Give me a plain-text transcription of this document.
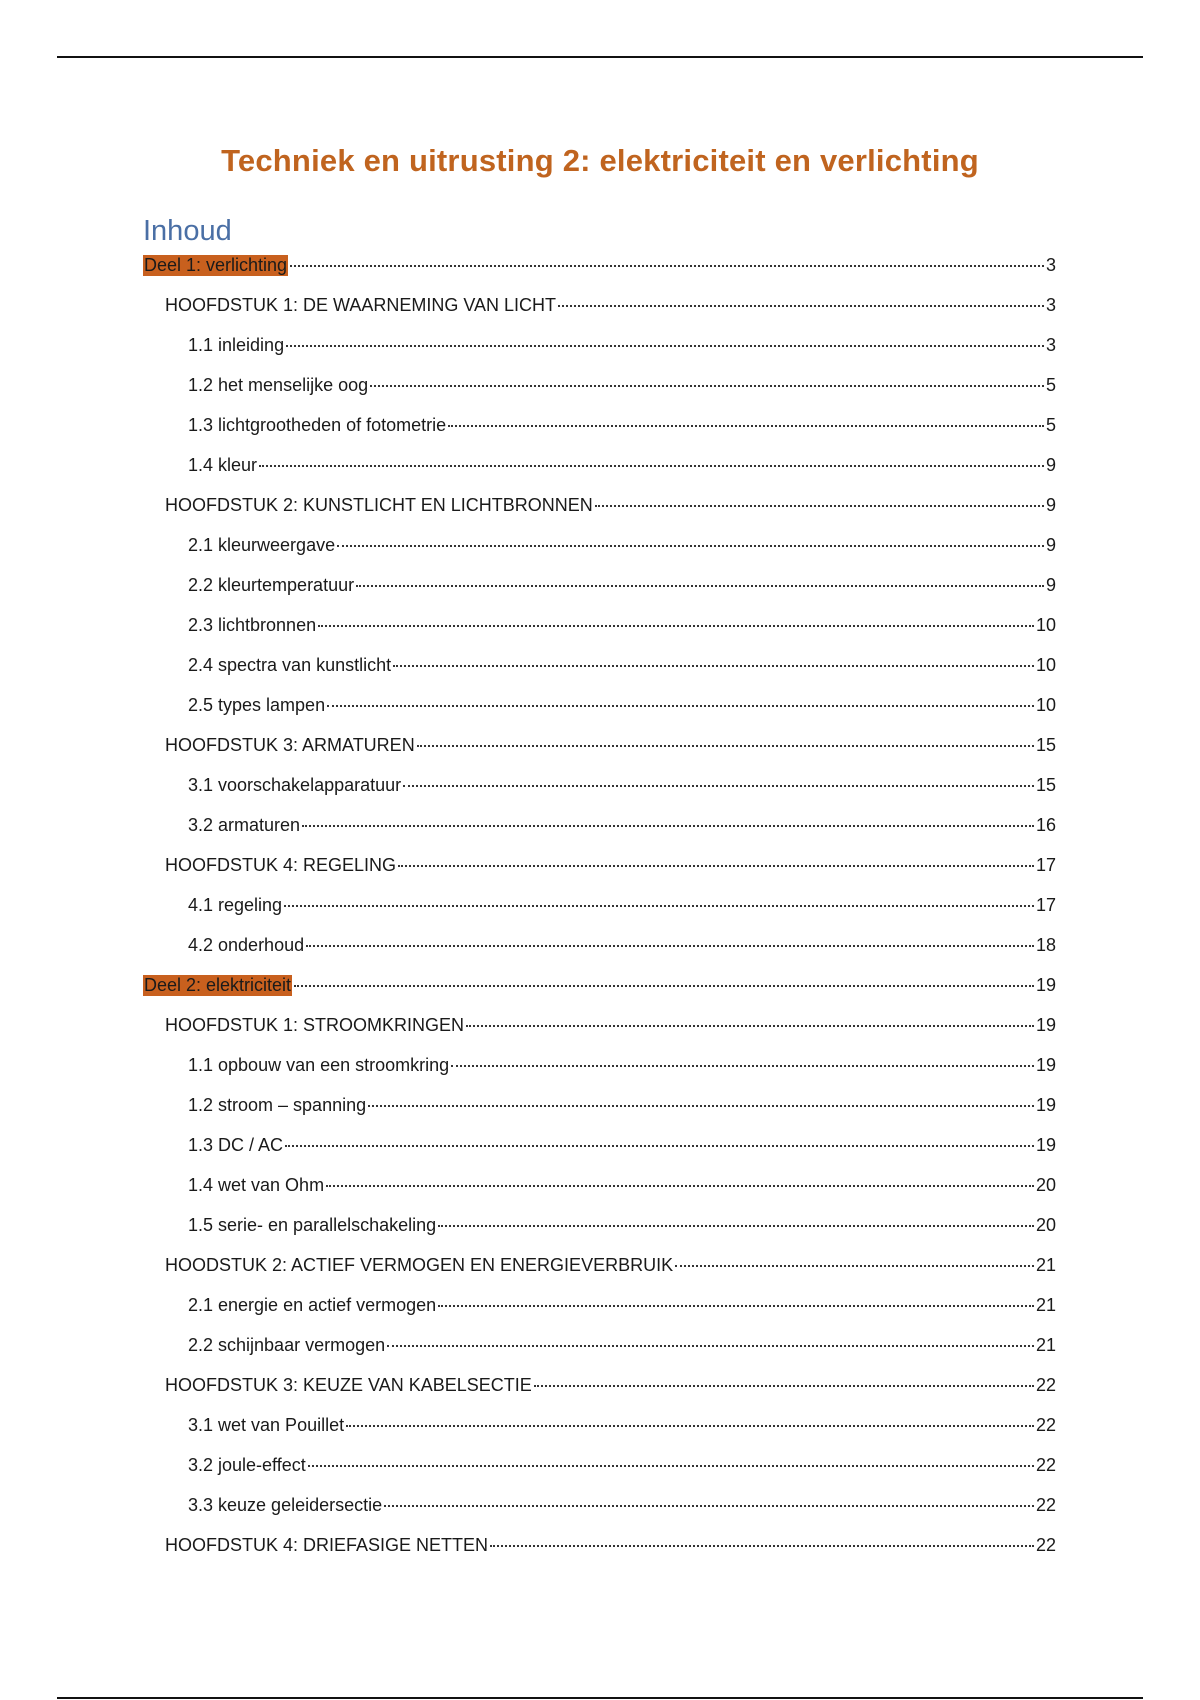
Techniek en uitrusting 2: elektriciteit en verlichting
Inhoud
Deel 1: verlichting	3
HOOFDSTUK 1: DE WAARNEMING VAN LICHT	3
1.1 inleiding	3
1.2 het menselijke oog	5
1.3 lichtgrootheden of fotometrie	5
1.4 kleur	9
HOOFDSTUK 2: KUNSTLICHT EN LICHTBRONNEN	9
2.1 kleurweergave	9
2.2 kleurtemperatuur	9
2.3 lichtbronnen	10
2.4 spectra van kunstlicht	10
2.5 types lampen	10
HOOFDSTUK 3: ARMATUREN	15
3.1 voorschakelapparatuur	15
3.2 armaturen	16
HOOFDSTUK 4: REGELING	17
4.1 regeling	17
4.2 onderhoud	18
Deel 2: elektriciteit	19
HOOFDSTUK 1: STROOMKRINGEN	19
1.1 opbouw van een stroomkring	19
1.2 stroom – spanning	19
1.3 DC / AC	19
1.4 wet van Ohm	20
1.5 serie- en parallelschakeling	20
HOODSTUK 2: ACTIEF VERMOGEN EN ENERGIEVERBRUIK	21
2.1 energie en actief vermogen	21
2.2 schijnbaar vermogen	21
HOOFDSTUK 3: KEUZE VAN KABELSECTIE	22
3.1 wet van Pouillet	22
3.2 joule-effect	22
3.3 keuze geleidersectie	22
HOOFDSTUK 4: DRIEFASIGE NETTEN	22
